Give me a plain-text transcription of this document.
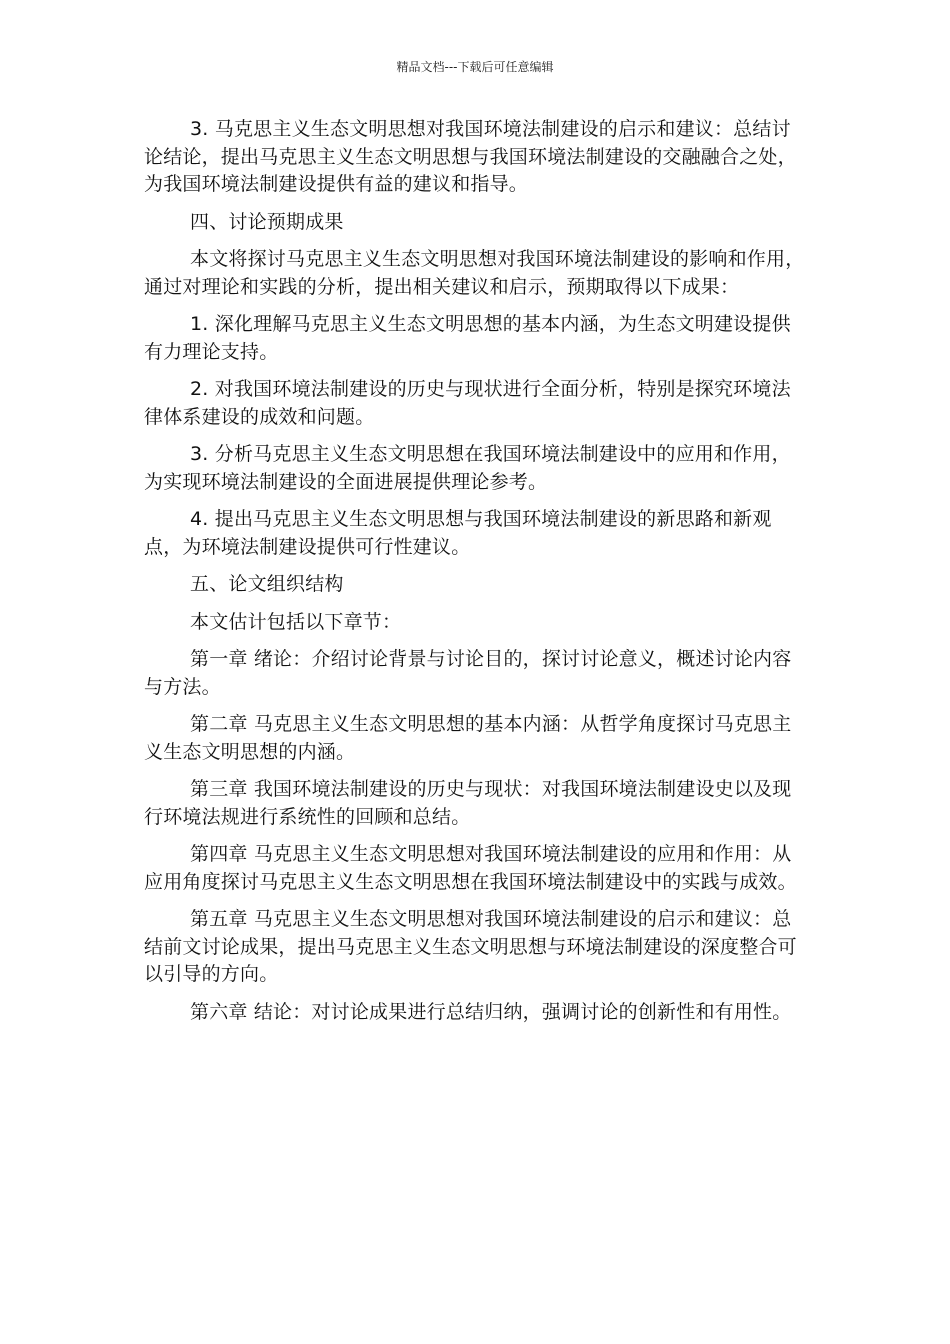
精品文档---下载后可任意编辑

3. 马克思主义生态文明思想对我国环境法制建设的启示和建议：总结讨论结论，提出马克思主义生态文明思想与我国环境法制建设的交融融合之处，为我国环境法制建设提供有益的建议和指导。

四、讨论预期成果

本文将探讨马克思主义生态文明思想对我国环境法制建设的影响和作用，通过对理论和实践的分析，提出相关建议和启示，预期取得以下成果：

1. 深化理解马克思主义生态文明思想的基本内涵，为生态文明建设提供有力理论支持。

2. 对我国环境法制建设的历史与现状进行全面分析，特别是探究环境法律体系建设的成效和问题。

3. 分析马克思主义生态文明思想在我国环境法制建设中的应用和作用，为实现环境法制建设的全面进展提供理论参考。

4. 提出马克思主义生态文明思想与我国环境法制建设的新思路和新观点，为环境法制建设提供可行性建议。

五、论文组织结构

本文估计包括以下章节：

第一章 绪论：介绍讨论背景与讨论目的，探讨讨论意义，概述讨论内容与方法。

第二章 马克思主义生态文明思想的基本内涵：从哲学角度探讨马克思主义生态文明思想的内涵。

第三章 我国环境法制建设的历史与现状：对我国环境法制建设史以及现行环境法规进行系统性的回顾和总结。

第四章 马克思主义生态文明思想对我国环境法制建设的应用和作用：从应用角度探讨马克思主义生态文明思想在我国环境法制建设中的实践与成效。

第五章 马克思主义生态文明思想对我国环境法制建设的启示和建议：总结前文讨论成果，提出马克思主义生态文明思想与环境法制建设的深度整合可以引导的方向。

第六章 结论：对讨论成果进行总结归纳，强调讨论的创新性和有用性。
